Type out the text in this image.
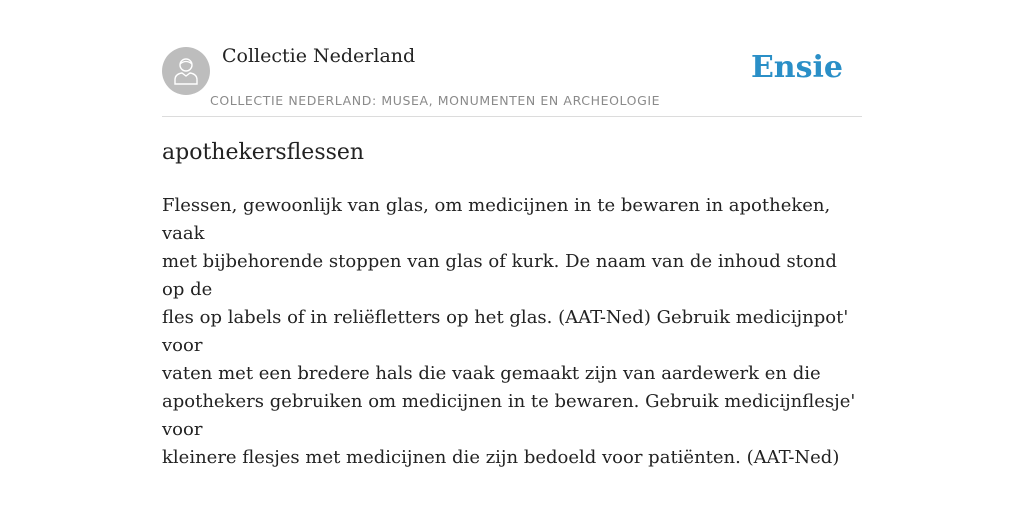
Collectie Nederland
COLLECTIE NEDERLAND: MUSEA, MONUMENTEN EN ARCHEOLOGIE
Ensie
apothekersflessen

Flessen, gewoonlijk van glas, om medicijnen in te bewaren in apotheken, vaak
met bijbehorende stoppen van glas of kurk. De naam van de inhoud stond op de
fles op labels of in reliëfletters op het glas. (AAT-Ned) Gebruik medicijnpot' voor
vaten met een bredere hals die vaak gemaakt zijn van aardewerk en die
apothekers gebruiken om medicijnen in te bewaren. Gebruik medicijnflesje' voor
kleinere flesjes met medicijnen die zijn bedoeld voor patiënten. (AAT-Ned)
